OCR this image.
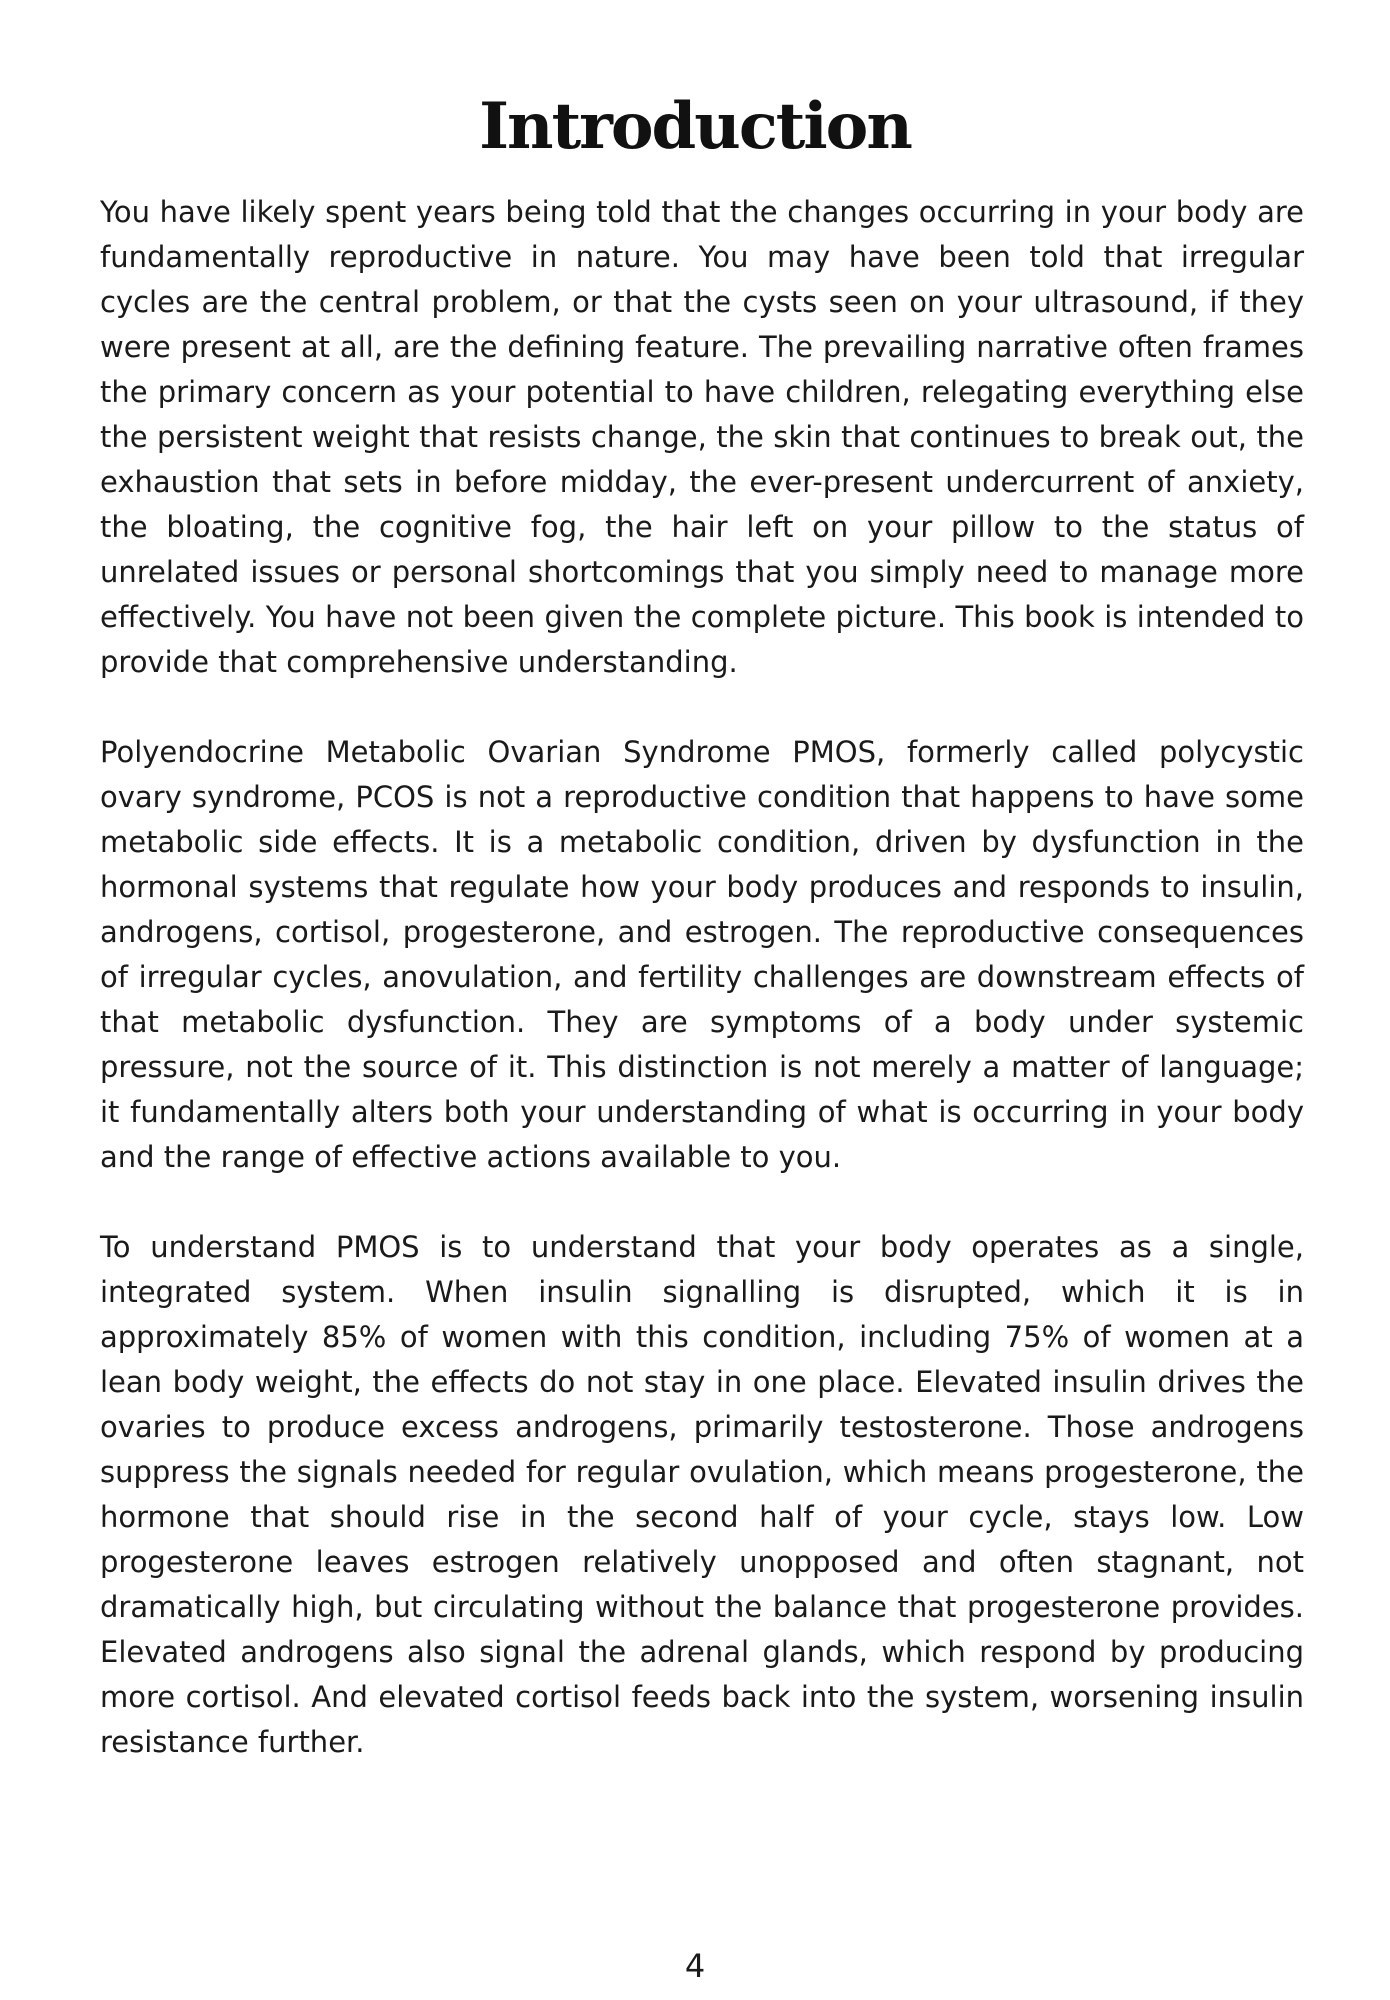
Introduction

You have likely spent years being told that the changes occurring in your body are fundamentally reproductive in nature. You may have been told that irregular cycles are the central problem, or that the cysts seen on your ultrasound, if they were present at all, are the defining feature. The prevailing narrative often frames the primary concern as your potential to have children, relegating everything else the persistent weight that resists change, the skin that continues to break out, the exhaustion that sets in before midday, the ever-present undercurrent of anxiety, the bloating, the cognitive fog, the hair left on your pillow to the status of unrelated issues or personal shortcomings that you simply need to manage more effectively. You have not been given the complete picture. This book is intended to provide that comprehensive understanding.

Polyendocrine Metabolic Ovarian Syndrome PMOS, formerly called polycystic ovary syndrome, PCOS is not a reproductive condition that happens to have some metabolic side effects. It is a metabolic condition, driven by dysfunction in the hormonal systems that regulate how your body produces and responds to insulin, androgens, cortisol, progesterone, and estrogen. The reproductive consequences of irregular cycles, anovulation, and fertility challenges are downstream effects of that metabolic dysfunction. They are symptoms of a body under systemic pressure, not the source of it. This distinction is not merely a matter of language; it fundamentally alters both your understanding of what is occurring in your body and the range of effective actions available to you.

To understand PMOS is to understand that your body operates as a single, integrated system. When insulin signalling is disrupted, which it is in approximately 85% of women with this condition, including 75% of women at a lean body weight, the effects do not stay in one place. Elevated insulin drives the ovaries to produce excess androgens, primarily testosterone. Those androgens suppress the signals needed for regular ovulation, which means progesterone, the hormone that should rise in the second half of your cycle, stays low. Low progesterone leaves estrogen relatively unopposed and often stagnant, not dramatically high, but circulating without the balance that progesterone provides. Elevated androgens also signal the adrenal glands, which respond by producing more cortisol. And elevated cortisol feeds back into the system, worsening insulin resistance further.

4
